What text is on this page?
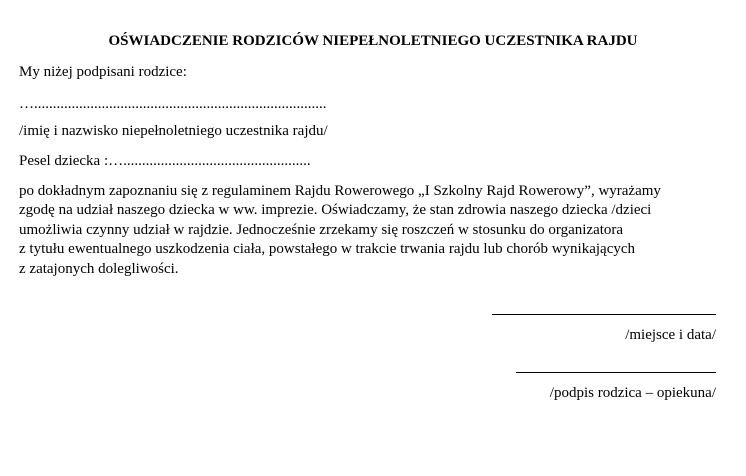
OŚWIADCZENIE RODZICÓW NIEPEŁNOLETNIEGO UCZESTNIKA RAJDU
My niżej podpisani rodzice:
…..............................................................................
/imię i nazwisko niepełnoletniego uczestnika rajdu/
Pesel dziecka :…..................................................
po dokładnym zapoznaniu się z regulaminem Rajdu Rowerowego „I Szkolny Rajd Rowerowy”, wyrażamy
zgodę na udział naszego dziecka w ww. imprezie. Oświadczamy, że stan zdrowia naszego dziecka /dzieci
umożliwia czynny udział w rajdzie. Jednocześnie zrzekamy się roszczeń w stosunku do organizatora
z tytułu ewentualnego uszkodzenia ciała, powstałego w trakcie trwania rajdu lub chorób wynikających
z zatajonych dolegliwości.
/miejsce i data/
/podpis rodzica – opiekuna/
